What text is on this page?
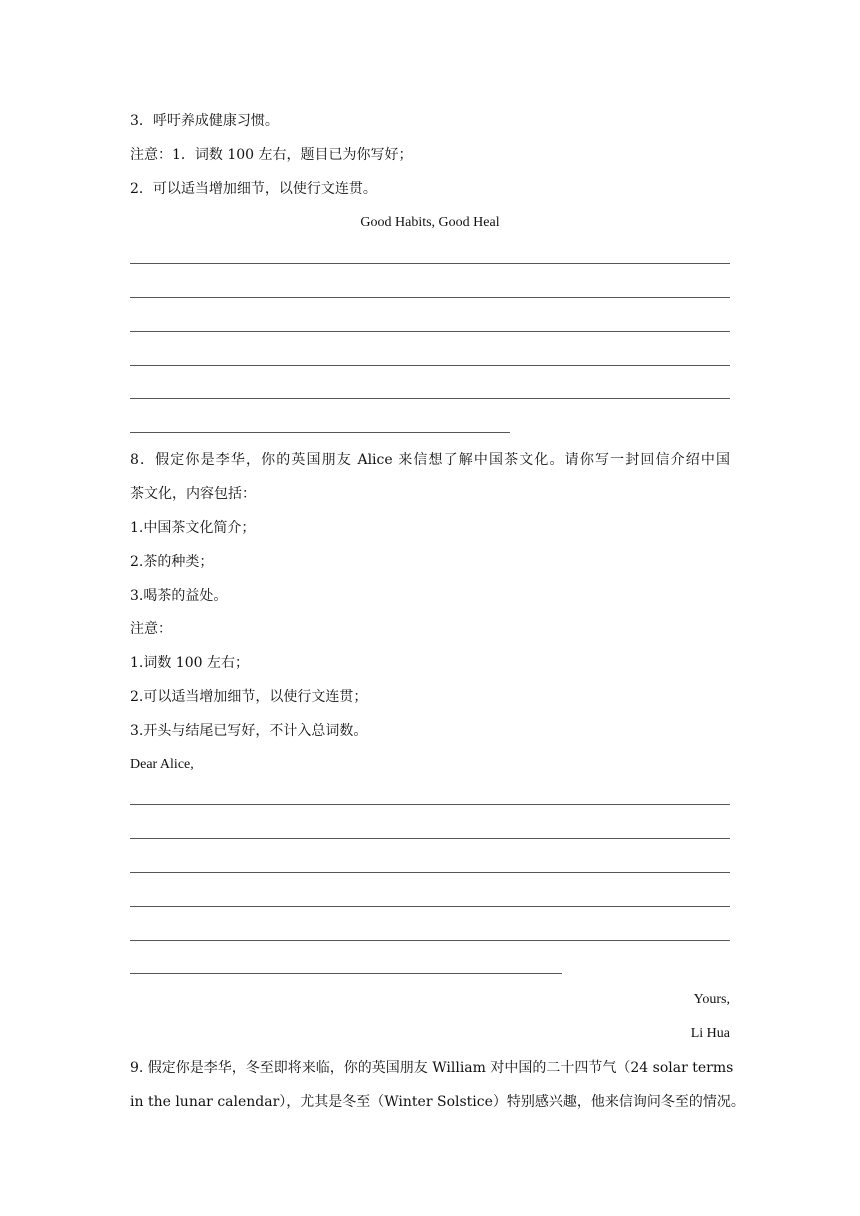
3．呼吁养成健康习惯。
注意：1．词数 100 左右，题目已为你写好；
2．可以适当增加细节，以使行文连贯。
Good Habits, Good Heal
8．假定你是李华，你的英国朋友 Alice 来信想了解中国茶文化。请你写一封回信介绍中国
茶文化，内容包括：
1.中国茶文化简介；
2.茶的种类；
3.喝茶的益处。
注意：
1.词数 100 左右；
2.可以适当增加细节，以使行文连贯；
3.开头与结尾已写好，不计入总词数。
Dear Alice,
Yours,
Li Hua
9. 假定你是李华，冬至即将来临，你的英国朋友 William 对中国的二十四节气（24 solar terms
in the lunar calendar），尤其是冬至（Winter Solstice）特别感兴趣，他来信询问冬至的情况。
